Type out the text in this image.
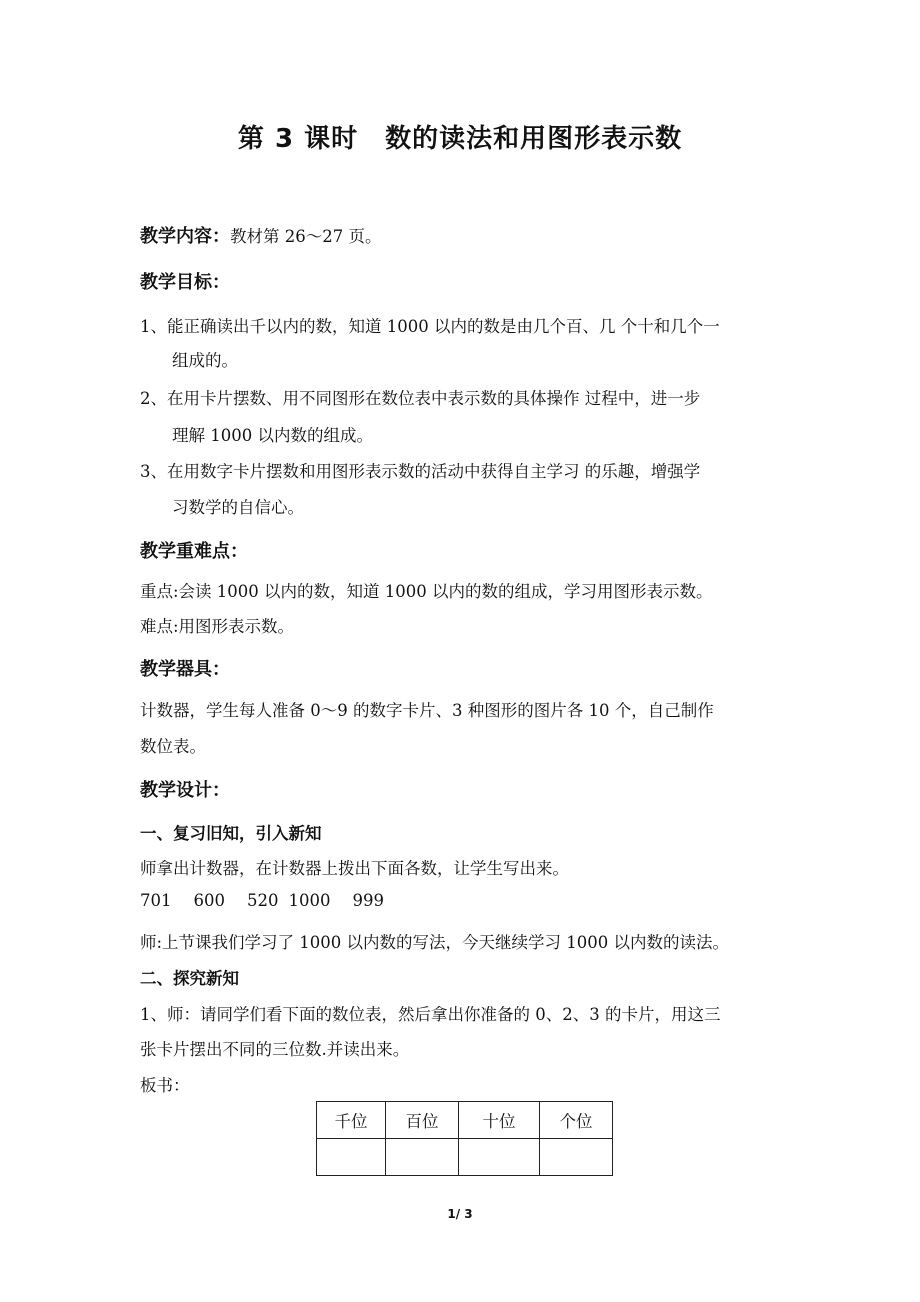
第 3 课时　数的读法和用图形表示数
教学内容：教材第 26～27 页。
教学目标：
1、能正确读出千以内的数，知道 1000 以内的数是由几个百、几 个十和几个一
组成的。
2、在用卡片摆数、用不同图形在数位表中表示数的具体操作 过程中，进一步
理解 1000 以内数的组成。
3、在用数字卡片摆数和用图形表示数的活动中获得自主学习 的乐趣，增强学
习数学的自信心。
教学重难点：
重点:会读 1000 以内的数，知道 1000 以内的数的组成，学习用图形表示数。
难点:用图形表示数。
教学器具：
计数器，学生每人准备 0〜9 的数字卡片、3 种图形的图片各 10 个，自己制作
数位表。
教学设计：
一、复习旧知，引入新知
师拿出计数器，在计数器上拨出下面各数，让学生写出来。
701 600 520 1000 999
师:上节课我们学习了 1000 以内数的写法，今天继续学习 1000 以内数的读法。
二、探究新知
1、师：请同学们看下面的数位表，然后拿出你准备的 0、2、3 的卡片，用这三
张卡片摆出不同的三位数.并读出来。
板书：
千位	百位	十位	个位

1/ 3
